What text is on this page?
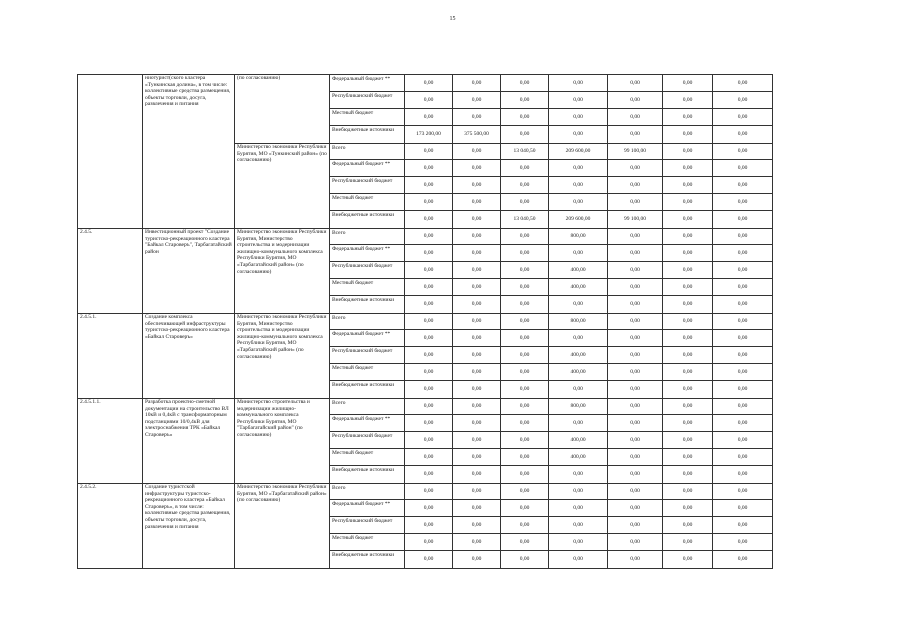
15
	ниотурист(ского кластера «Тункинская долина», в том числе: коллективные средства размещения, объекты торговли, досуга, развлечения и питания	(по согласованию)	Федеральный бюджет **	0,00	0,00	0,00	0,00	0,00	0,00	0,00
			Республиканский бюджет	0,00	0,00	0,00	0,00	0,00	0,00	0,00
			Местный бюджет	0,00	0,00	0,00	0,00	0,00	0,00	0,00
			Внебюджетные источники	173 200,00	375 500,00	0,00	0,00	0,00	0,00	0,00
		Министерство экономики Республики Бурятия, МО «Тункинский район» (по согласованию)	Всего	0,00	0,00	13 040,50	209 600,00	99 100,00	0,00	0,00
			Федеральный бюджет **	0,00	0,00	0,00	0,00	0,00	0,00	0,00
			Республиканский бюджет	0,00	0,00	0,00	0,00	0,00	0,00	0,00
			Местный бюджет	0,00	0,00	0,00	0,00	0,00	0,00	0,00
			Внебюджетные источники	0,00	0,00	13 040,50	209 600,00	99 100,00	0,00	0,00
2.4.5.	Инвестиционный проект "Создание туристско-рекреационного кластера "Байкал Староверъ", Тарбагатайский район	Министерство экономики Республики Бурятия, Министерство строительства и модернизации жилищно-коммунального комплекса Республики Бурятия, МО «Тарбагатайский район» (по согласованию)	Всего	0,00	0,00	0,00	800,00	0,00	0,00	0,00
			Федеральный бюджет **	0,00	0,00	0,00	0,00	0,00	0,00	0,00
			Республиканский бюджет	0,00	0,00	0,00	400,00	0,00	0,00	0,00
			Местный бюджет	0,00	0,00	0,00	400,00	0,00	0,00	0,00
			Внебюджетные источники	0,00	0,00	0,00	0,00	0,00	0,00	0,00
2.4.5.1.	Создание комплекса обеспечивающей инфраструктуры туристско-рекреационного кластера «Байкал Староверъ»	Министерство экономики Республики Бурятия, Министерство строительства и модернизации жилищно-коммунального комплекса Республики Бурятия, МО «Тарбагатайский район» (по согласованию)	Всего	0,00	0,00	0,00	800,00	0,00	0,00	0,00
			Федеральный бюджет **	0,00	0,00	0,00	0,00	0,00	0,00	0,00
			Республиканский бюджет	0,00	0,00	0,00	400,00	0,00	0,00	0,00
			Местный бюджет	0,00	0,00	0,00	400,00	0,00	0,00	0,00
			Внебюджетные источники	0,00	0,00	0,00	0,00	0,00	0,00	0,00
2.4.5.1.1.	Разработка проектно-сметной документации на строительство ВЛ 10кВ и 0,4кВ с трансформаторным подстанциями 10/0,4кВ для электроснабжения ТРК «Байкал Староверъ»	Министерство строительства и модернизации жилищно-коммунального комплекса Республики Бурятия, МО "Тарбагатайский район" (по согласованию)	Всего	0,00	0,00	0,00	800,00	0,00	0,00	0,00
			Федеральный бюджет **	0,00	0,00	0,00	0,00	0,00	0,00	0,00
			Республиканский бюджет	0,00	0,00	0,00	400,00	0,00	0,00	0,00
			Местный бюджет	0,00	0,00	0,00	400,00	0,00	0,00	0,00
			Внебюджетные источники	0,00	0,00	0,00	0,00	0,00	0,00	0,00
2.4.5.2.	Создание туристской инфраструктуры туристско-рекреационного кластера «Байкал Староверъ», в том числе: коллективные средства размещения, объекты торговли, досуга, развлечения и питания	Министерство экономики Республики Бурятия, МО «Тарбагатайский район» (по согласованию)	Всего	0,00	0,00	0,00	0,00	0,00	0,00	0,00
			Федеральный бюджет **	0,00	0,00	0,00	0,00	0,00	0,00	0,00
			Республиканский бюджет	0,00	0,00	0,00	0,00	0,00	0,00	0,00
			Местный бюджет	0,00	0,00	0,00	0,00	0,00	0,00	0,00
			Внебюджетные источники	0,00	0,00	0,00	0,00	0,00	0,00	0,00
